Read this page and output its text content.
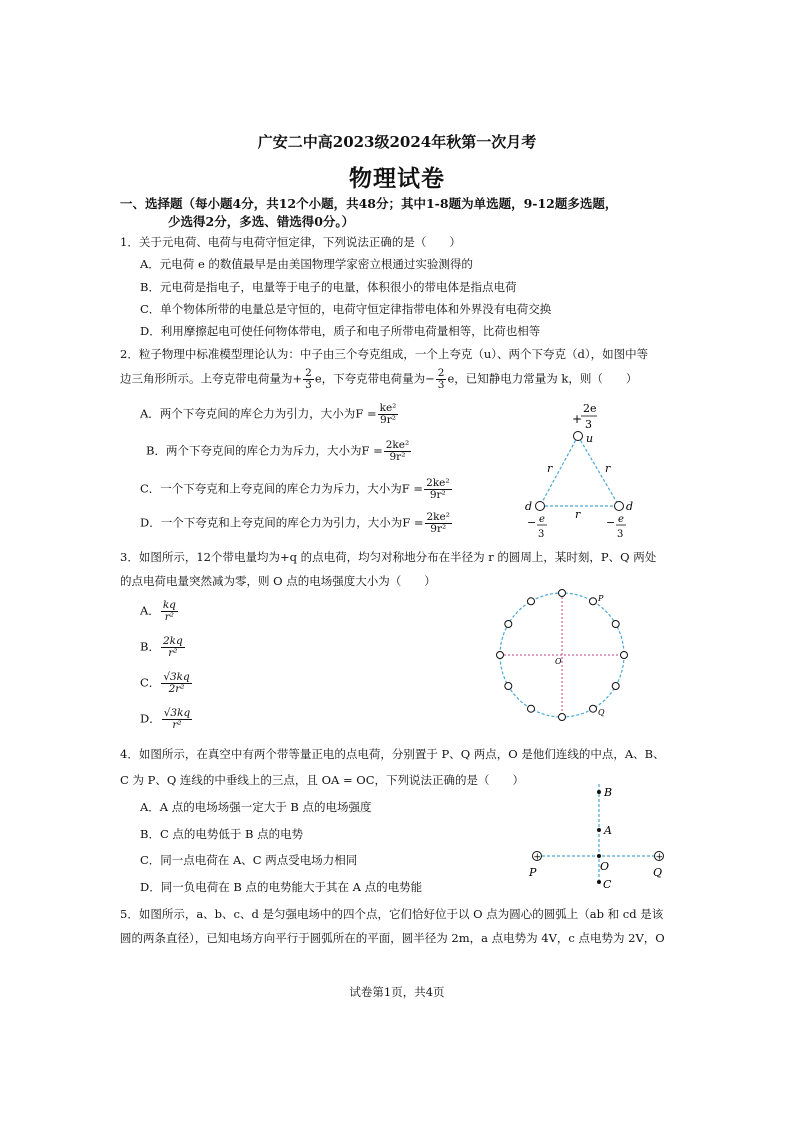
广安二中高2023级2024年秋第一次月考
物理试卷
一、选择题（每小题4分，共12个小题，共48分；其中1-8题为单选题，9-12题多选题，
少选得2分，多选、错选得0分。）
1．关于元电荷、电荷与电荷守恒定律，下列说法正确的是（　　）
A．元电荷 e 的数值最早是由美国物理学家密立根通过实验测得的
B．元电荷是指电子，电量等于电子的电量，体积很小的带电体是指点电荷
C．单个物体所带的电量总是守恒的，电荷守恒定律指带电体和外界没有电荷交换
D．利用摩擦起电可使任何物体带电，质子和电子所带电荷量相等，比荷也相等
2．粒子物理中标准模型理论认为：中子由三个夸克组成，一个上夸克（u）、两个下夸克（d），如图中等
边三角形所示。上夸克带电荷量为+ $\frac{2}{3}$ e，下夸克带电荷量为− $\frac{2}{3}$ e，已知静电力常量为 k，则（　　）
A．两个下夸克间的库仑力为引力，大小为$F = \frac{\text{ke²}}{\text{9r²}}$
B．两个下夸克间的库仑力为斥力，大小为$F = \frac{\text{2ke²}}{\text{9r²}}$
C．一个下夸克和上夸克间的库仑力为斥力，大小为$F = \frac{\text{2ke²}}{\text{9r²}}$
D．一个下夸克和上夸克间的库仑力为引力，大小为$F = \frac{\text{2ke²}}{\text{9r²}}$
+
2e
3
u
d	d
r	r
r
− e
3
− e
3
3．如图所示，12个带电量均为+q 的点电荷，均匀对称地分布在半径为 r 的圆周上，某时刻，P、Q 两处
的点电荷电量突然减为零，则 O 点的电场强度大小为（　　）
A． $\frac{kq}{\text{r²}}$
B． $\frac{2kq}{\text{r²}}$
C． $\frac{√3kq}{\text{2r²}}$
D． $\frac{√3kq}{\text{r²}}$
O
P
Q
4．如图所示，在真空中有两个带等量正电的点电荷，分别置于 P、Q 两点，O 是他们连线的中点，A、B、
C 为 P、Q 连线的中垂线上的三点，且 OA = OC，下列说法正确的是（　　）
A．A 点的电场场强一定大于 B 点的电场强度
B．C 点的电势低于 B 点的电势
C．同一点电荷在 A、C 两点受电场力相同
D．同一负电荷在 B 点的电势能大于其在 A 点的电势能
+	+
B
A
O
C
P	Q
5．如图所示，a、b、c、d 是匀强电场中的四个点，它们恰好位于以 O 点为圆心的圆弧上（ab 和 cd 是该
圆的两条直径），已知电场方向平行于圆弧所在的平面，圆半径为 2m，a 点电势为 4V，c 点电势为 2V，O
试卷第1页，共4页
